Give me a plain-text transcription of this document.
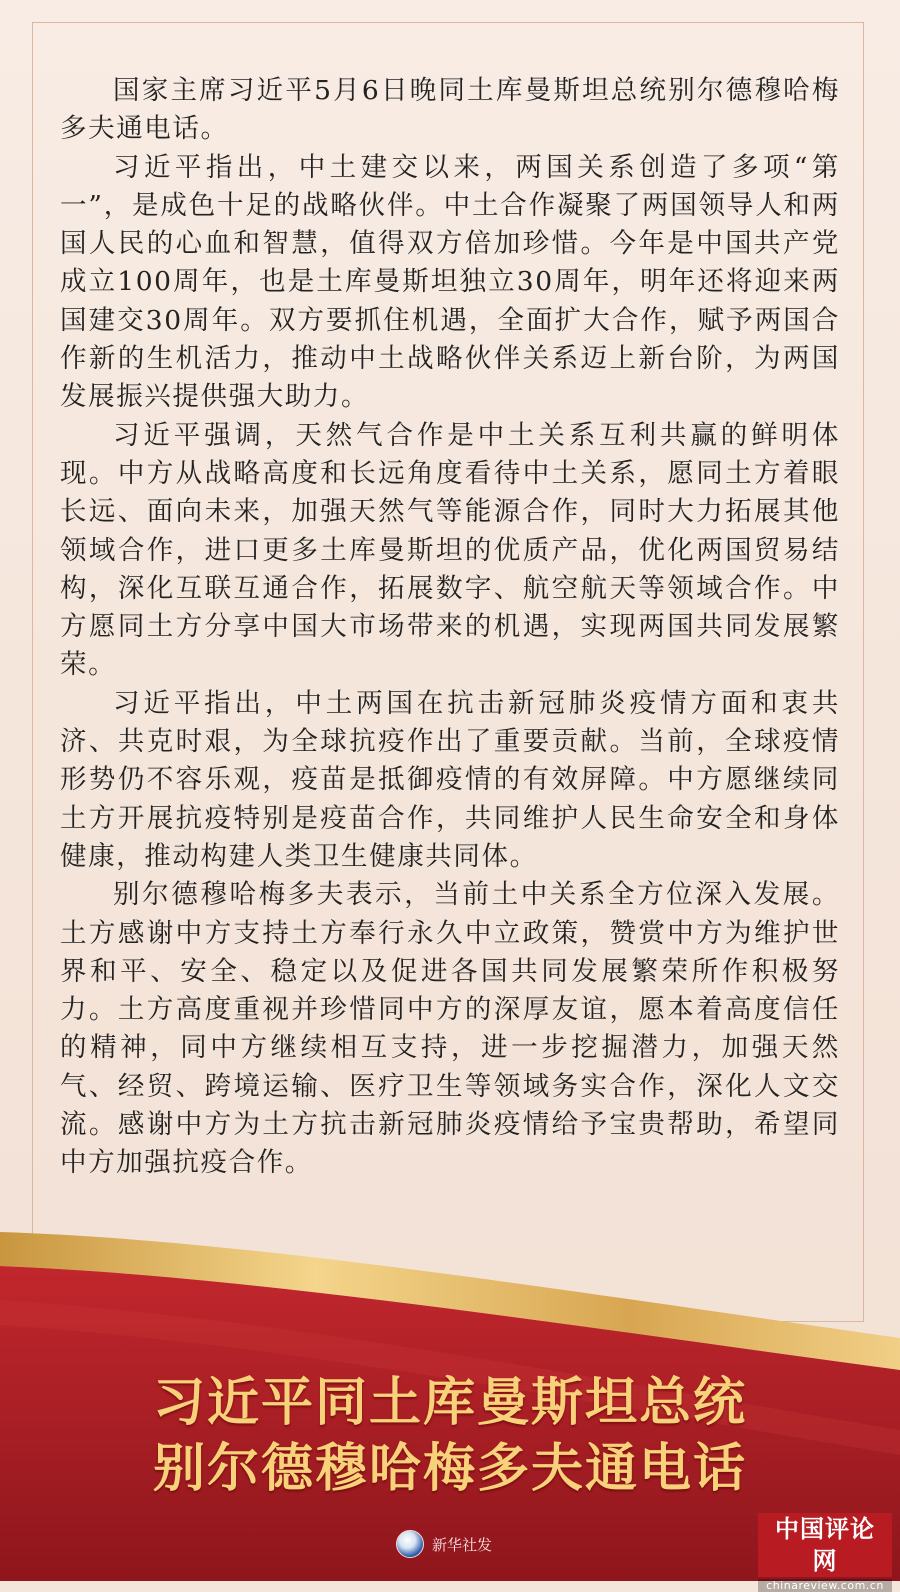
国家主席习近平5月6日晚同土库曼斯坦总统别尔德穆哈梅多夫通电话。

习近平指出，中土建交以来，两国关系创造了多项“第一”，是成色十足的战略伙伴。中土合作凝聚了两国领导人和两国人民的心血和智慧，值得双方倍加珍惜。今年是中国共产党成立100周年，也是土库曼斯坦独立30周年，明年还将迎来两国建交30周年。双方要抓住机遇，全面扩大合作，赋予两国合作新的生机活力，推动中土战略伙伴关系迈上新台阶，为两国发展振兴提供强大助力。

习近平强调，天然气合作是中土关系互利共赢的鲜明体现。中方从战略高度和长远角度看待中土关系，愿同土方着眼长远、面向未来，加强天然气等能源合作，同时大力拓展其他领域合作，进口更多土库曼斯坦的优质产品，优化两国贸易结构，深化互联互通合作，拓展数字、航空航天等领域合作。中方愿同土方分享中国大市场带来的机遇，实现两国共同发展繁荣。

习近平指出，中土两国在抗击新冠肺炎疫情方面和衷共济、共克时艰，为全球抗疫作出了重要贡献。当前，全球疫情形势仍不容乐观，疫苗是抵御疫情的有效屏障。中方愿继续同土方开展抗疫特别是疫苗合作，共同维护人民生命安全和身体健康，推动构建人类卫生健康共同体。

别尔德穆哈梅多夫表示，当前土中关系全方位深入发展。土方感谢中方支持土方奉行永久中立政策，赞赏中方为维护世界和平、安全、稳定以及促进各国共同发展繁荣所作积极努力。土方高度重视并珍惜同中方的深厚友谊，愿本着高度信任的精神，同中方继续相互支持，进一步挖掘潜力，加强天然气、经贸、跨境运输、医疗卫生等领域务实合作，深化人文交流。感谢中方为土方抗击新冠肺炎疫情给予宝贵帮助，希望同中方加强抗疫合作。

习近平同土库曼斯坦总统
别尔德穆哈梅多夫通电话
新华社发
中国评论网
chinareview.com.cn
